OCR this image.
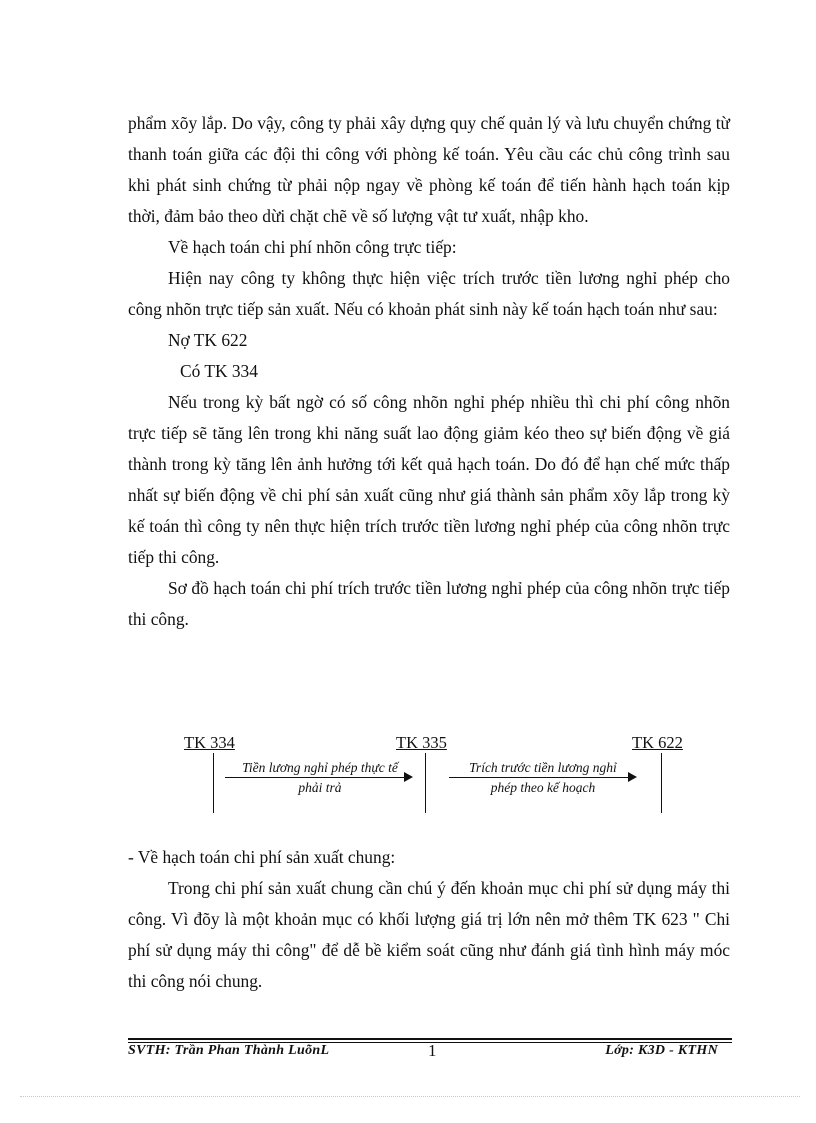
phẩm xõy lắp. Do vậy, công ty phải xây dựng quy chế quản lý và lưu chuyển chứng từ thanh toán giữa các đội thi công với phòng kế toán. Yêu cầu các chủ công trình sau khi phát sinh chứng từ phải nộp ngay về phòng kế toán để tiến hành hạch toán kịp thời, đảm bảo theo dừi chặt chẽ về số lượng vật tư xuất, nhập kho.

Về hạch toán chi phí nhõn công trực tiếp:

Hiện nay công ty không thực hiện việc trích trước tiền lương nghỉ phép cho công nhõn trực tiếp sản xuất. Nếu có khoản phát sinh này kế toán hạch toán như sau:

Nợ TK 622

Có TK 334

Nếu trong kỳ bất ngờ có số công nhõn nghỉ phép nhiều thì chi phí công nhõn trực tiếp sẽ tăng lên trong khi năng suất lao động giảm kéo theo sự biến động về giá thành trong kỳ tăng lên ảnh hưởng tới kết quả hạch toán. Do đó để hạn chế mức thấp nhất sự biến động về chi phí sản xuất cũng như giá thành sản phẩm xõy lắp trong kỳ kế toán thì công ty nên thực hiện trích trước tiền lương nghỉ phép của công nhõn trực tiếp thi công.

Sơ đồ hạch toán chi phí trích trước tiền lương nghỉ phép của công nhõn trực tiếp thi công.

TK 334	TK 335	TK 622
Tiền lương nghỉ phép thực tế
phải trả
Trích trước tiền lương nghỉ
phép theo kế hoạch

- Về hạch toán chi phí sản xuất chung:

Trong chi phí sản xuất chung cần chú ý đến khoản mục chi phí sử dụng máy thi công. Vì đõy là một khoản mục có khối lượng giá trị lớn nên mở thêm TK 623 " Chi phí sử dụng máy thi công" để dễ bề kiểm soát cũng như đánh giá tình hình máy móc thi công nói chung.

SVTH: Trần Phan Thành LuõnL	1	Lớp: K3D - KTHN
